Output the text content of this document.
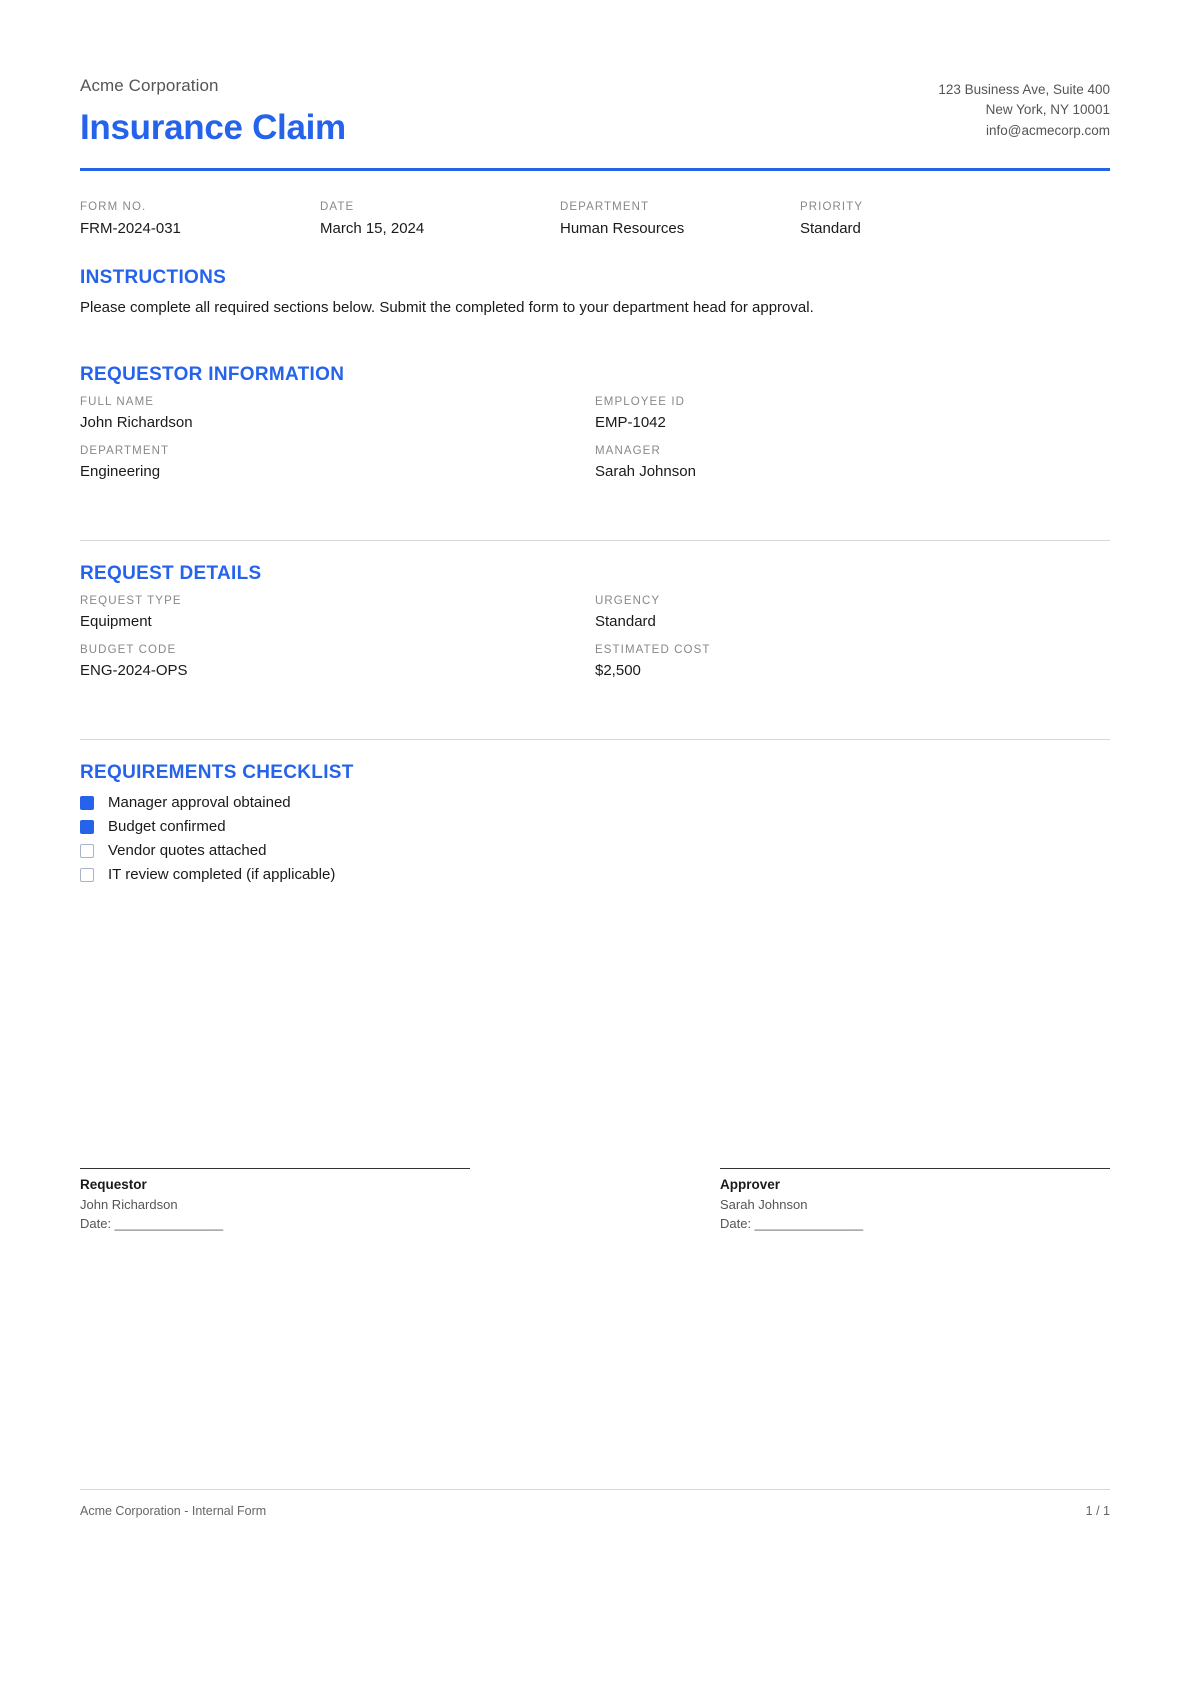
Acme Corporation
Insurance Claim
123 Business Ave, Suite 400
New York, NY 10001
info@acmecorp.com
FORM NO.
FRM-2024-031
DATE
March 15, 2024
DEPARTMENT
Human Resources
PRIORITY
Standard
INSTRUCTIONS

Please complete all required sections below. Submit the completed form to your department head for approval.

REQUESTOR INFORMATION
FULL NAME
John Richardson
EMPLOYEE ID
EMP-1042
DEPARTMENT
Engineering
MANAGER
Sarah Johnson
REQUEST DETAILS
REQUEST TYPE
Equipment
URGENCY
Standard
BUDGET CODE
ENG-2024-OPS
ESTIMATED COST
$2,500
REQUIREMENTS CHECKLIST
Manager approval obtained
Budget confirmed
Vendor quotes attached
IT review completed (if applicable)
Requestor
John Richardson
Date: _______________
Approver
Sarah Johnson
Date: _______________
Acme Corporation - Internal Form	1 / 1
